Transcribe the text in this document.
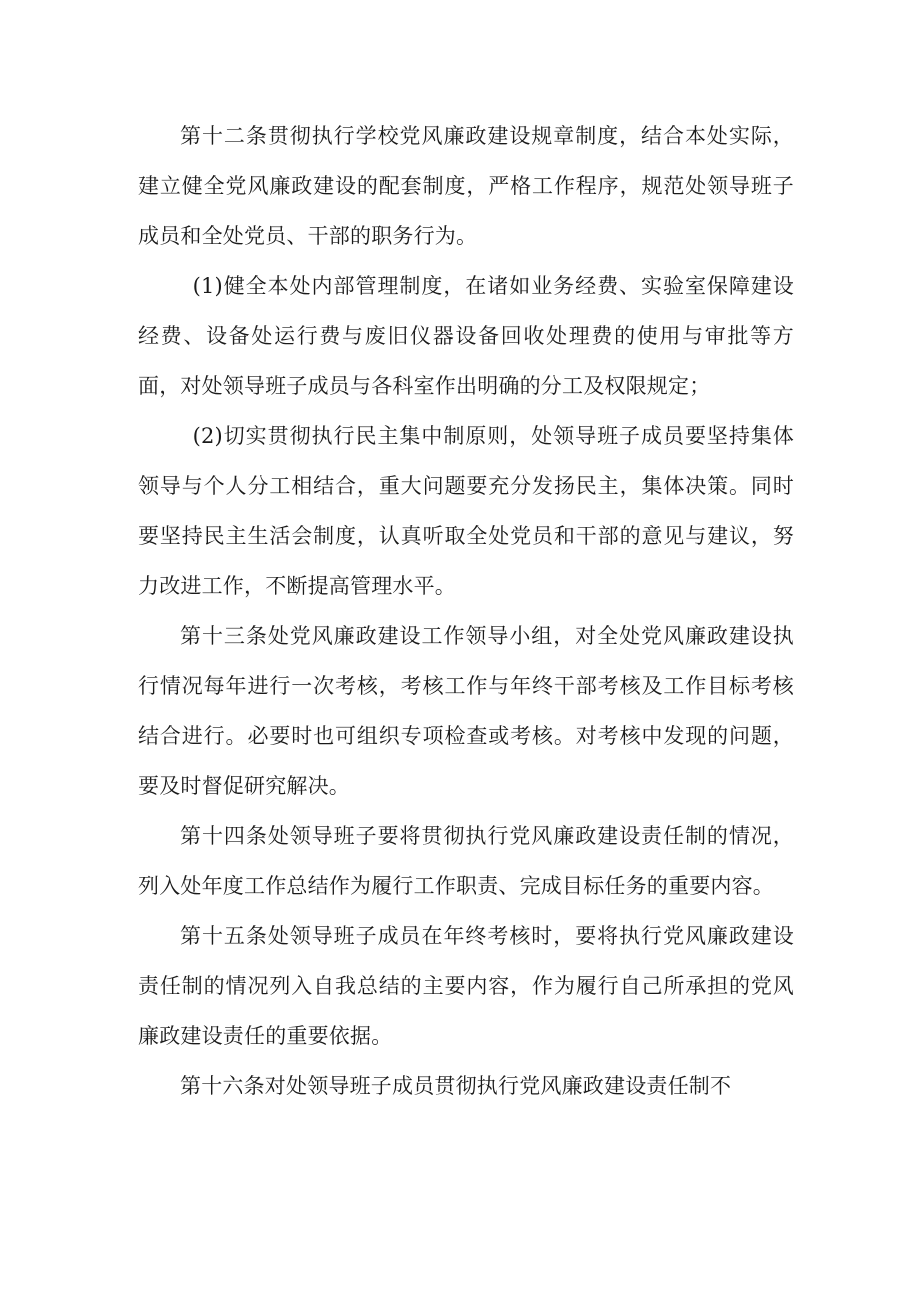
第十二条贯彻执行学校党风廉政建设规章制度，结合本处实际，建立健全党风廉政建设的配套制度，严格工作程序，规范处领导班子成员和全处党员、干部的职务行为。

(1)健全本处内部管理制度，在诸如业务经费、实验室保障建设经费、设备处运行费与废旧仪器设备回收处理费的使用与审批等方面，对处领导班子成员与各科室作出明确的分工及权限规定；

(2)切实贯彻执行民主集中制原则，处领导班子成员要坚持集体领导与个人分工相结合，重大问题要充分发扬民主，集体决策。同时要坚持民主生活会制度，认真听取全处党员和干部的意见与建议，努力改进工作，不断提高管理水平。

第十三条处党风廉政建设工作领导小组，对全处党风廉政建设执行情况每年进行一次考核，考核工作与年终干部考核及工作目标考核结合进行。必要时也可组织专项检查或考核。对考核中发现的问题，要及时督促研究解决。

第十四条处领导班子要将贯彻执行党风廉政建设责任制的情况，列入处年度工作总结作为履行工作职责、完成目标任务的重要内容。

第十五条处领导班子成员在年终考核时，要将执行党风廉政建设责任制的情况列入自我总结的主要内容，作为履行自己所承担的党风廉政建设责任的重要依据。

第十六条对处领导班子成员贯彻执行党风廉政建设责任制不
